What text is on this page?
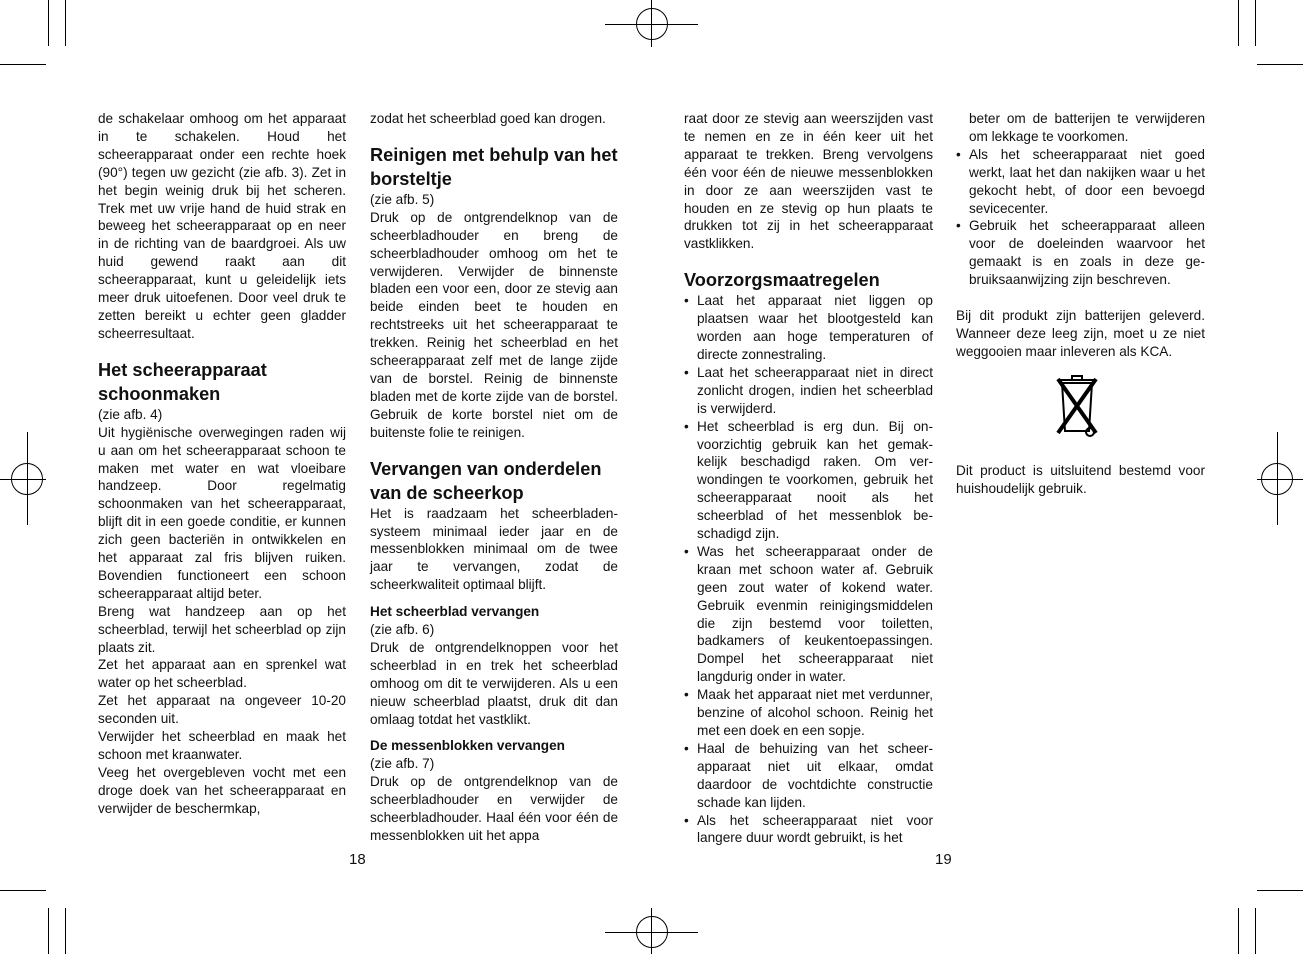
de schakelaar omhoog om het apparaat in te schakelen. Houd het scheerapparaat onder een rechte hoek (90°) tegen uw gezicht (zie afb. 3). Zet in het begin weinig druk bij het scheren. Trek met uw vrije hand de huid strak en beweeg het scheerapparaat op en neer in de richting van de baardgroei. Als uw huid gewend raakt aan dit scheerapparaat, kunt u geleidelijk iets meer druk uitoefenen. Door veel druk te zetten bereikt u echter geen gladder scheerresultaat.

Het scheerapparaat schoonmaken

(zie afb. 4)

Uit hygiënische overwegingen raden wij u aan om het scheerapparaat schoon te maken met water en wat vloeibare handzeep. Door regelmatig schoonmaken van het scheerapparaat, blijft dit in een goede conditie, er kunnen zich geen bacteriën in ontwikkelen en het apparaat zal fris blijven ruiken. Bovendien functioneert een schoon scheerapparaat altijd beter.

Breng wat handzeep aan op het scheerblad, terwijl het scheerblad op zijn plaats zit.

Zet het apparaat aan en sprenkel wat water op het scheerblad.

Zet het apparaat na ongeveer 10-20 seconden uit.

Verwijder het scheerblad en maak het schoon met kraanwater.

Veeg het overgebleven vocht met een droge doek van het scheerapparaat en verwijder de beschermkap,

zodat het scheerblad goed kan drogen.

Reinigen met behulp van het borsteltje

(zie afb. 5)

Druk op de ontgrendelknop van de scheerbladhouder en breng de scheerbladhouder omhoog om het te verwijderen. Verwijder de binnenste bladen een voor een, door ze stevig aan beide einden beet te houden en rechtstreeks uit het scheerapparaat te trekken. Reinig het scheerblad en het scheerapparaat zelf met de lange zijde van de borstel. Reinig de binnenste bladen met de korte zijde van de borstel. Gebruik de korte borstel niet om de buitenste folie te reinigen.

Vervangen van onderdelen van de scheerkop

Het is raadzaam het scheerbladensysteem minimaal ieder jaar en de messenblokken minimaal om de twee jaar te vervangen, zodat de scheerkwaliteit optimaal blijft.

Het scheerblad vervangen

(zie afb. 6)

Druk de ontgrendelknoppen voor het scheerblad in en trek het scheerblad omhoog om dit te verwijderen. Als u een nieuw scheerblad plaatst, druk dit dan omlaag totdat het vastklikt.

De messenblokken vervangen

(zie afb. 7)

Druk op de ontgrendelknop van de scheerbladhouder en verwijder de scheerbladhouder. Haal één voor één de messenblokken uit het appa

18

raat door ze stevig aan weerszijden vast te nemen en ze in één keer uit het apparaat te trekken. Breng vervolgens één voor één de nieuwe messenblokken in door ze aan weerszijden vast te houden en ze stevig op hun plaats te drukken tot zij in het scheerapparaat vastklikken.

Voorzorgsmaatregelen
• Laat het apparaat niet liggen op plaatsen waar het blootgesteld kan worden aan hoge temperaturen of directe zonnestraling.
• Laat het scheerapparaat niet in direct zonlicht drogen, indien het scheerblad is verwijderd.
• Het scheerblad is erg dun. Bij onvoorzichtig gebruik kan het gemakkelijk beschadigd raken. Om verwondingen te voorkomen, gebruik het scheerapparaat nooit als het scheerblad of het messenblok beschadigd zijn.
• Was het scheerapparaat onder de kraan met schoon water af. Gebruik geen zout water of kokend water. Gebruik evenmin reinigingsmiddelen die zijn bestemd voor toiletten, badkamers of keukentoepassingen. Dompel het scheerapparaat niet langdurig onder in water.
• Maak het apparaat niet met verdunner, benzine of alcohol schoon. Reinig het met een doek en een sopje.
• Haal de behuizing van het scheerapparaat niet uit elkaar, omdat daardoor de vochtdichte constructie schade kan lijden.
• Als het scheerapparaat niet voor langere duur wordt gebruikt, is het

beter om de batterijen te verwijderen om lekkage te voorkomen.

• Als het scheerapparaat niet goed werkt, laat het dan nakijken waar u het gekocht hebt, of door een bevoegd sevicecenter.
• Gebruik het scheerapparaat alleen voor de doeleinden waarvoor het gemaakt is en zoals in deze gebruiksaanwijzing zijn beschreven.

Bij dit produkt zijn batterijen geleverd. Wanneer deze leeg zijn, moet u ze niet weggooien maar inleveren als KCA.

Dit product is uitsluitend bestemd voor huishoudelijk gebruik.

19
